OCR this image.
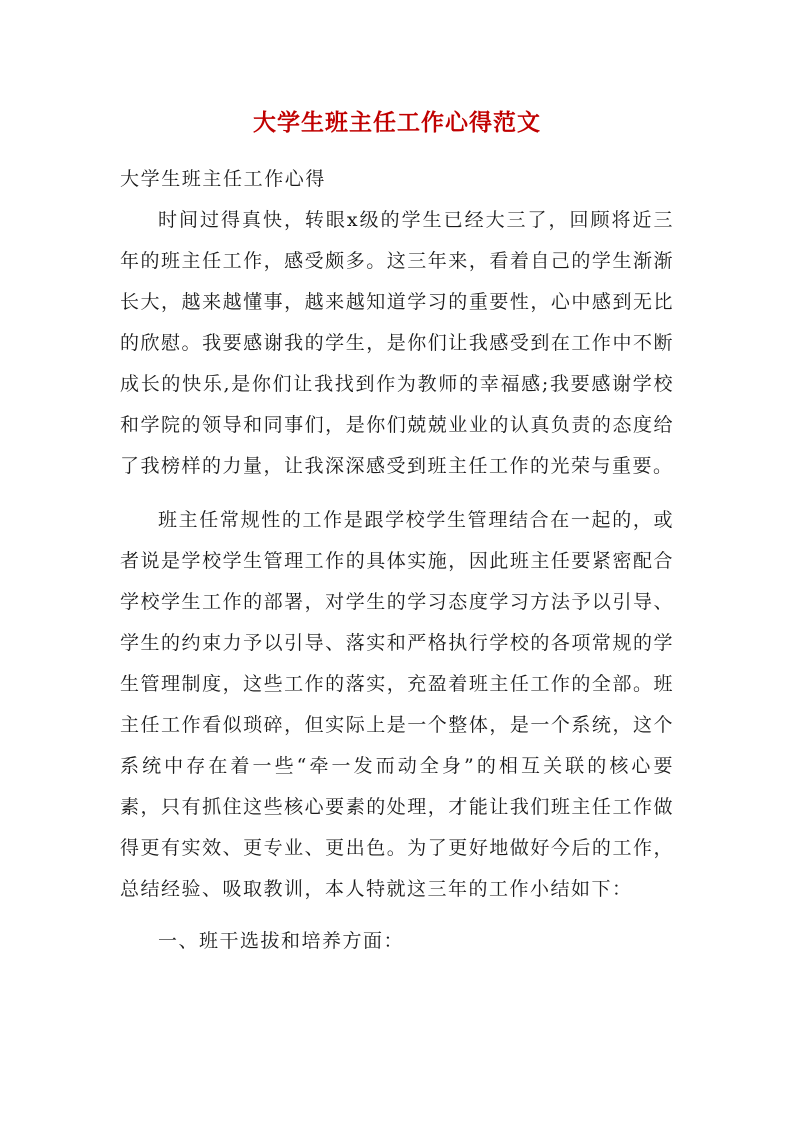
大学生班主任工作心得范文

大学生班主任工作心得

时间过得真快，转眼x级的学生已经大三了，回顾将近三年的班主任工作，感受颇多。这三年来，看着自己的学生渐渐长大，越来越懂事，越来越知道学习的重要性，心中感到无比的欣慰。我要感谢我的学生，是你们让我感受到在工作中不断成长的快乐,是你们让我找到作为教师的幸福感;我要感谢学校和学院的领导和同事们，是你们兢兢业业的认真负责的态度给了我榜样的力量，让我深深感受到班主任工作的光荣与重要。

班主任常规性的工作是跟学校学生管理结合在一起的，或者说是学校学生管理工作的具体实施，因此班主任要紧密配合学校学生工作的部署，对学生的学习态度学习方法予以引导、学生的约束力予以引导、落实和严格执行学校的各项常规的学生管理制度，这些工作的落实，充盈着班主任工作的全部。班主任工作看似琐碎，但实际上是一个整体，是一个系统，这个系统中存在着一些“牵一发而动全身”的相互关联的核心要素，只有抓住这些核心要素的处理，才能让我们班主任工作做得更有实效、更专业、更出色。为了更好地做好今后的工作，总结经验、吸取教训，本人特就这三年的工作小结如下：

一、班干选拔和培养方面：
